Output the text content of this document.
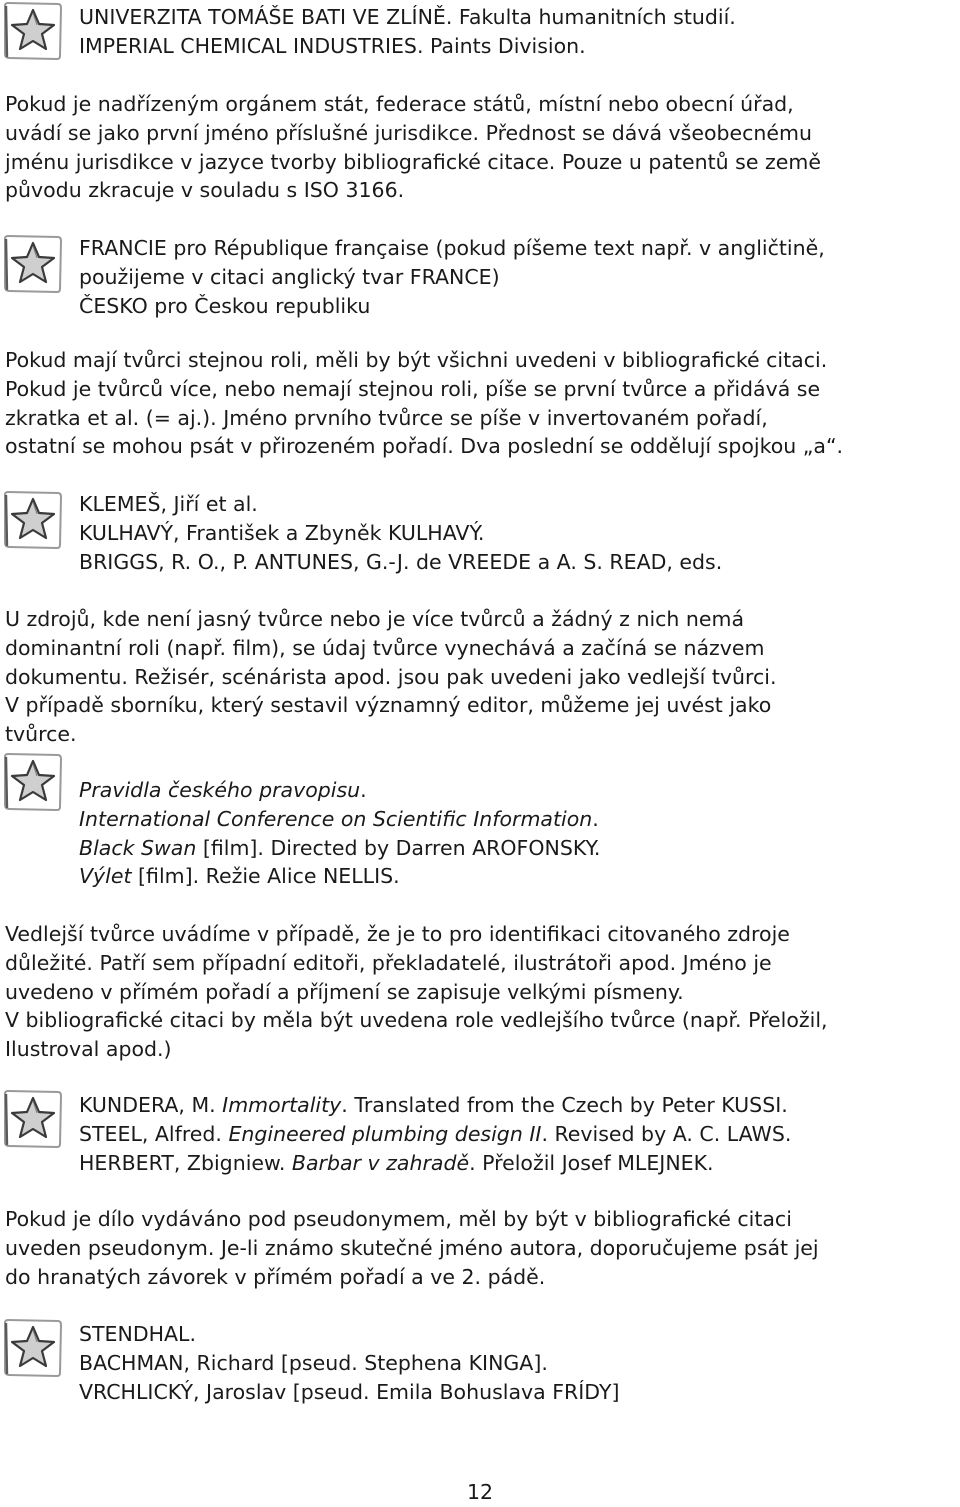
UNIVERZITA TOMÁŠE BATI VE ZLÍNĚ. Fakultа humanitních studií.
IMPERIAL CHEMICAL INDUSTRIES. Paints Division.
Pokud je nadřízeným orgánem stát, federace států, místní nebo obecní úřad,
uvádí se jako první jméno příslušné jurisdikce. Přednost se dává všeobecnému
jménu jurisdikce v jazyce tvorby bibliografické citace. Pouze u patentů se země
původu zkracuje v souladu s ISO 3166.
FRANCIE pro République française (pokud píšeme text např. v angličtině,
použijeme v citaci anglický tvar FRANCE)
ČESKO pro Českou republiku
Pokud mají tvůrci stejnou roli, měli by být všichni uvedeni v bibliografické citaci.
Pokud je tvůrců více, nebo nemají stejnou roli, píše se první tvůrce a přidává se
zkratka et al. (= aj.). Jméno prvního tvůrce se píše v invertovaném pořadí,
ostatní se mohou psát v přirozeném pořadí. Dva poslední se oddělují spojkou „a“.
KLEMEŠ, Jiří et al.
KULHAVÝ, František a Zbyněk KULHAVÝ.
BRIGGS, R. O., P. ANTUNES, G.-J. de VREEDE a A. S. READ, eds.
U zdrojů, kde není jasný tvůrce nebo je více tvůrců a žádný z nich nemá
dominantní roli (např. film), se údaj tvůrce vynechává a začíná se názvem
dokumentu. Režisér, scénárista apod. jsou pak uvedeni jako vedlejší tvůrci.
V případě sborníku, který sestavil významný editor, můžeme jej uvést jako
tvůrce.
Pravidla českého pravopisu.
International Conference on Scientific Information.
Black Swan [film]. Directed by Darren AROFONSKY.
Výlet [film]. Režie Alice NELLIS.
Vedlejší tvůrce uvádíme v případě, že je to pro identifikaci citovaného zdroje
důležité. Patří sem případní editoři, překladatelé, ilustrátoři apod. Jméno je
uvedeno v přímém pořadí a příjmení se zapisuje velkými písmeny.
V bibliografické citaci by měla být uvedena role vedlejšího tvůrce (např. Přeložil,
Ilustroval apod.)
KUNDERA, M. Immortality. Translated from the Czech by Peter KUSSI.
STEEL, Alfred. Engineered plumbing design II. Revised by A. C. LAWS.
HERBERT, Zbigniew. Barbar v zahradě. Přeložil Josef MLEJNEK.
Pokud je dílo vydáváno pod pseudonymem, měl by být v bibliografické citaci
uveden pseudonym. Je-li známo skutečné jméno autora, doporučujeme psát jej
do hranatých závorek v přímém pořadí a ve 2. pádě.
STENDHAL.
BACHMAN, Richard [pseud. Stephena KINGA].
VRCHLICKÝ, Jaroslav [pseud. Emila Bohuslava FRÍDY]
12
